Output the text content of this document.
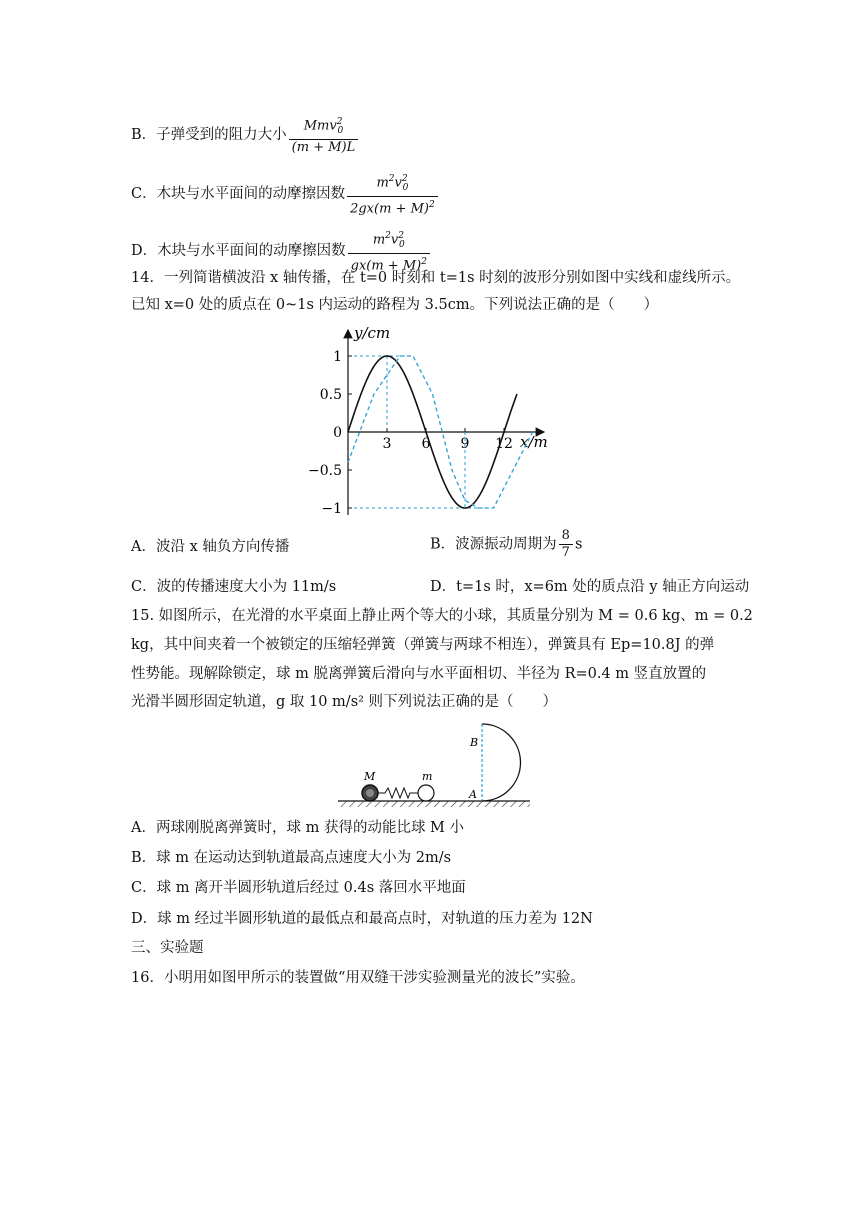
B．子弹受到的阻力大小 $\frac{Mmv^2_0}{(m + M)L}$
C．木块与水平面间的动摩擦因数 $\frac{m^2v^2_0}{2gx(m + M)^2}$
D．木块与水平面间的动摩擦因数 $\frac{m^2v^2_0}{gx(m + M)^2}$
14．一列简谐横波沿 x 轴传播，在 t=0 时刻和 t=1s 时刻的波形分别如图中实线和虚线所示。
已知 x=0 处的质点在 0~1s 内运动的路程为 3.5cm。下列说法正确的是（　　）
y/cm
x/m
3 6 9 12
1
0.5
0
−0.5
−1
A．波沿 x 轴负方向传播	B．波源振动周期为 $\frac{8}{7}$ s
C．波的传播速度大小为 11m/s	D．t=1s 时，x=6m 处的质点沿 y 轴正方向运动
15. 如图所示，在光滑的水平桌面上静止两个等大的小球，其质量分别为 M = 0.6 kg、m = 0.2
kg，其中间夹着一个被锁定的压缩轻弹簧（弹簧与两球不相连），弹簧具有 Ep=10.8J 的弹
性势能。现解除锁定，球 m 脱离弹簧后滑向与水平面相切、半径为 R=0.4 m 竖直放置的
光滑半圆形固定轨道，g 取 10 m/s² 则下列说法正确的是（　　）
M	m
A
B
A．两球刚脱离弹簧时，球 m 获得的动能比球 M 小
B．球 m 在运动达到轨道最高点速度大小为 2m/s
C．球 m 离开半圆形轨道后经过 0.4s 落回水平地面
D．球 m 经过半圆形轨道的最低点和最高点时，对轨道的压力差为 12N
三、实验题
16．小明用如图甲所示的装置做“用双缝干涉实验测量光的波长”实验。
